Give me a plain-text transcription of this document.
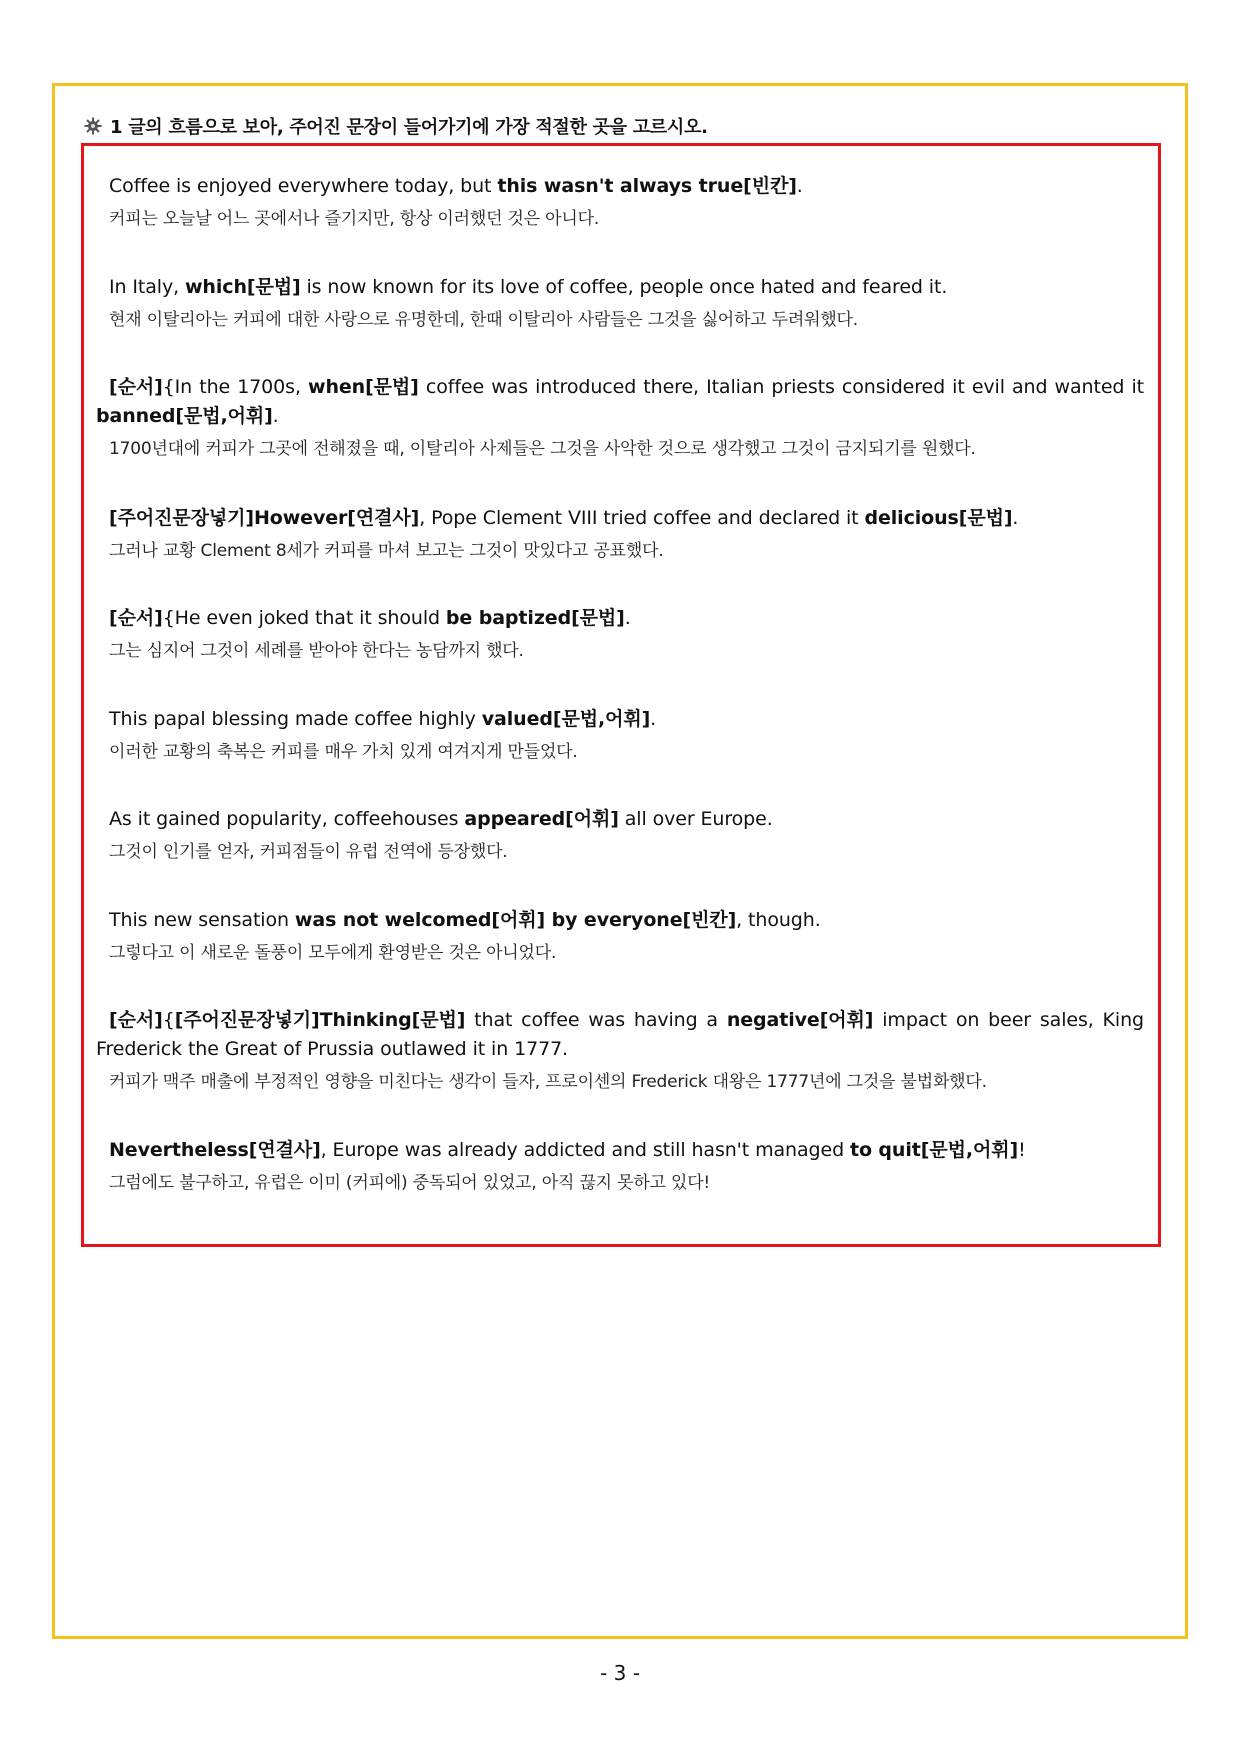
1 글의 흐름으로 보아, 주어진 문장이 들어가기에 가장 적절한 곳을 고르시오.
Coffee is enjoyed everywhere today, but this wasn't always true[빈칸].
커피는 오늘날 어느 곳에서나 즐기지만, 항상 이러했던 것은 아니다.
In Italy, which[문법] is now known for its love of coffee, people once hated and feared it.
현재 이탈리아는 커피에 대한 사랑으로 유명한데, 한때 이탈리아 사람들은 그것을 싫어하고 두려워했다.
[순서]{In the 1700s, when[문법] coffee was introduced there, Italian priests considered it evil and wanted it banned[문법,어휘].
1700년대에 커피가 그곳에 전해졌을 때, 이탈리아 사제들은 그것을 사악한 것으로 생각했고 그것이 금지되기를 원했다.
[주어진문장넣기]However[연결사], Pope Clement VIII tried coffee and declared it delicious[문법].
그러나 교황 Clement 8세가 커피를 마셔 보고는 그것이 맛있다고 공표했다.
[순서]{He even joked that it should be baptized[문법].
그는 심지어 그것이 세례를 받아야 한다는 농담까지 했다.
This papal blessing made coffee highly valued[문법,어휘].
이러한 교황의 축복은 커피를 매우 가치 있게 여겨지게 만들었다.
As it gained popularity, coffeehouses appeared[어휘] all over Europe.
그것이 인기를 얻자, 커피점들이 유럽 전역에 등장했다.
This new sensation was not welcomed[어휘] by everyone[빈칸], though.
그렇다고 이 새로운 돌풍이 모두에게 환영받은 것은 아니었다.
[순서]{[주어진문장넣기]Thinking[문법] that coffee was having a negative[어휘] impact on beer sales, King Frederick the Great of Prussia outlawed it in 1777.
커피가 맥주 매출에 부정적인 영향을 미친다는 생각이 들자, 프로이센의 Frederick 대왕은 1777년에 그것을 불법화했다.
Nevertheless[연결사], Europe was already addicted and still hasn't managed to quit[문법,어휘]!
그럼에도 불구하고, 유럽은 이미 (커피에) 중독되어 있었고, 아직 끊지 못하고 있다!
- 3 -
